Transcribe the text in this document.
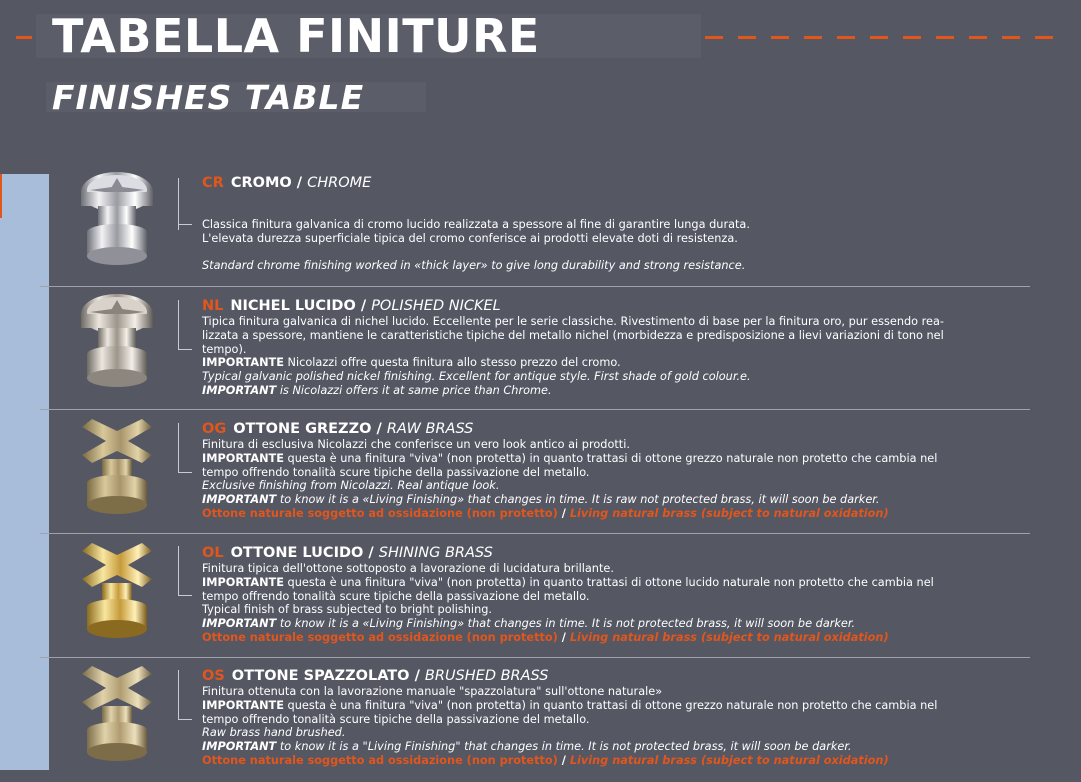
TABELLA FINITURE
FINISHES TABLE

CR CROMO / CHROME

Classica finitura galvanica di cromo lucido realizzata a spessore al fine di garantire lunga durata.

L'elevata durezza superficiale tipica del cromo conferisce ai prodotti elevate doti di resistenza.

Standard chrome finishing worked in «thick layer» to give long durability and strong resistance.

NL NICHEL LUCIDO / POLISHED NICKEL

Tipica finitura galvanica di nichel lucido. Eccellente per le serie classiche. Rivestimento di base per la finitura oro, pur essendo rea-

lizzata a spessore, mantiene le caratteristiche tipiche del metallo nichel (morbidezza e predisposizione a lievi variazioni di tono nel

tempo).

IMPORTANTE Nicolazzi offre questa finitura allo stesso prezzo del cromo.

Typical galvanic polished nickel finishing. Excellent for antique style. First shade of gold colour.e.

IMPORTANT is Nicolazzi offers it at same price than Chrome.

OG OTTONE GREZZO / RAW BRASS

Finitura di esclusiva Nicolazzi che conferisce un vero look antico ai prodotti.

IMPORTANTE questa è una finitura "viva" (non protetta) in quanto trattasi di ottone grezzo naturale non protetto che cambia nel

tempo offrendo tonalità scure tipiche della passivazione del metallo.

Exclusive finishing from Nicolazzi. Real antique look.

IMPORTANT to know it is a «Living Finishing» that changes in time. It is raw not protected brass, it will soon be darker.

Ottone naturale soggetto ad ossidazione (non protetto) / Living natural brass (subject to natural oxidation)

OL OTTONE LUCIDO / SHINING BRASS

Finitura tipica dell'ottone sottoposto a lavorazione di lucidatura brillante.

IMPORTANTE questa è una finitura "viva" (non protetta) in quanto trattasi di ottone lucido naturale non protetto che cambia nel

tempo offrendo tonalità scure tipiche della passivazione del metallo.

Typical finish of brass subjected to bright polishing.

IMPORTANT to know it is a «Living Finishing» that changes in time. It is not protected brass, it will soon be darker.

Ottone naturale soggetto ad ossidazione (non protetto) / Living natural brass (subject to natural oxidation)

OS OTTONE SPAZZOLATO / BRUSHED BRASS

Finitura ottenuta con la lavorazione manuale "spazzolatura" sull'ottone naturale»

IMPORTANTE questa è una finitura "viva" (non protetta) in quanto trattasi di ottone grezzo naturale non protetto che cambia nel

tempo offrendo tonalità scure tipiche della passivazione del metallo.

Raw brass hand brushed.

IMPORTANT to know it is a "Living Finishing" that changes in time. It is not protected brass, it will soon be darker.

Ottone naturale soggetto ad ossidazione (non protetto) / Living natural brass (subject to natural oxidation)
